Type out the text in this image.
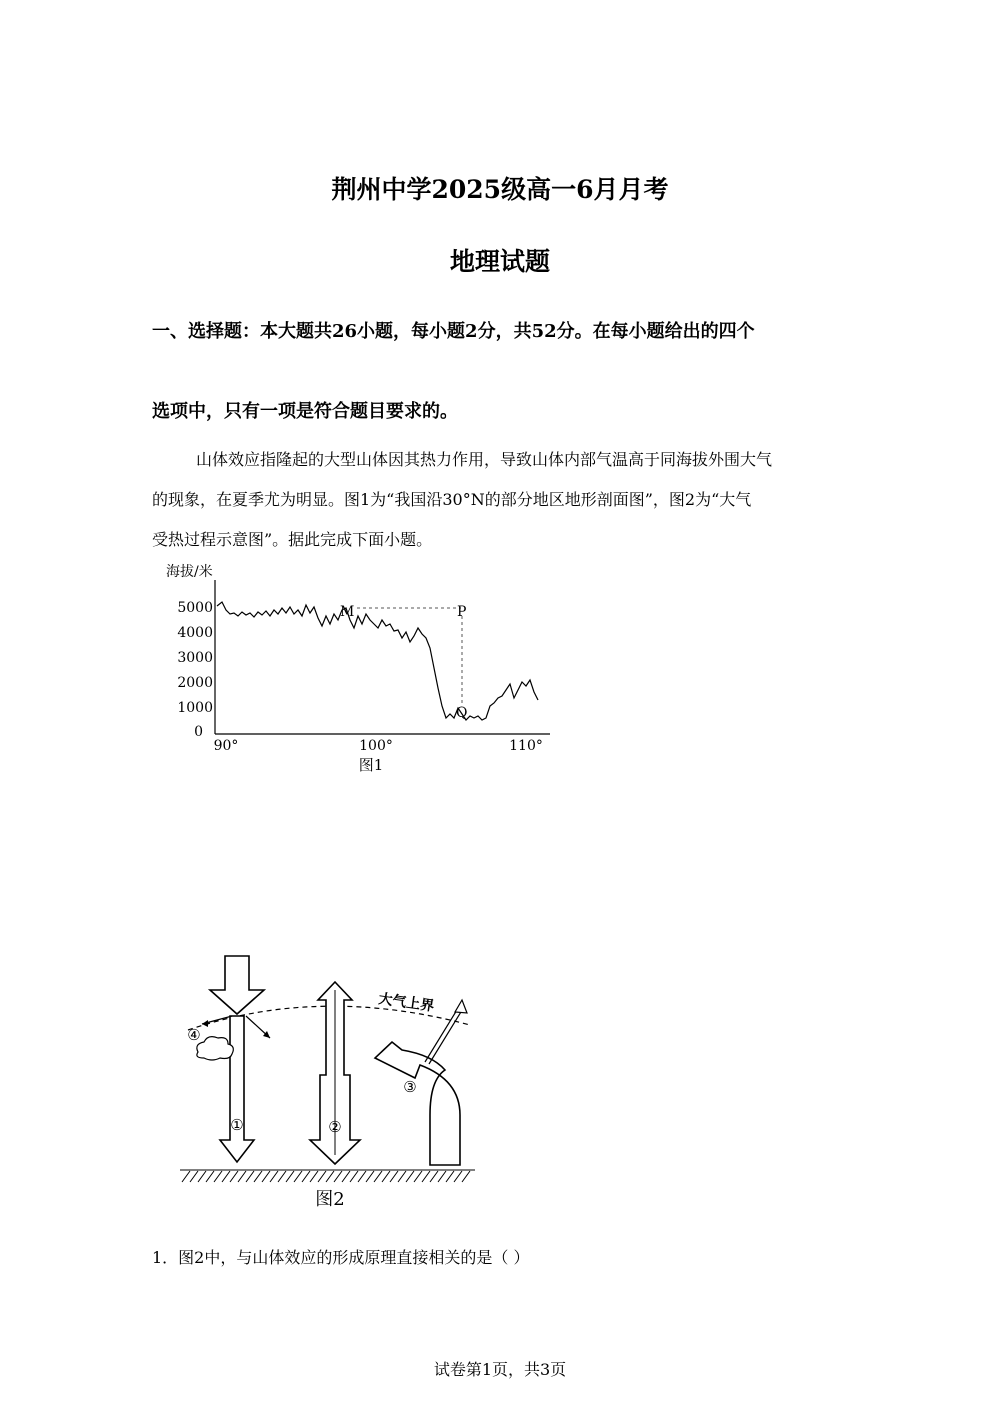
荆州中学2025级高一6月月考
地理试题
一、选择题：本大题共26小题，每小题2分，共52分。在每小题给出的四个
选项中，只有一项是符合题目要求的。

山体效应指隆起的大型山体因其热力作用，导致山体内部气温高于同海拔外围大气

的现象，在夏季尤为明显。图1为“我国沿30°N的部分地区地形剖面图”，图2为“大气

受热过程示意图”。据此完成下面小题。

海拔/米
5000
4000
3000
2000
1000
0
90°	100°	110°
M	P
Q
图1
大气上界
①
④
②
③
图2
1．图2中，与山体效应的形成原理直接相关的是（ ）
试卷第1页，共3页
